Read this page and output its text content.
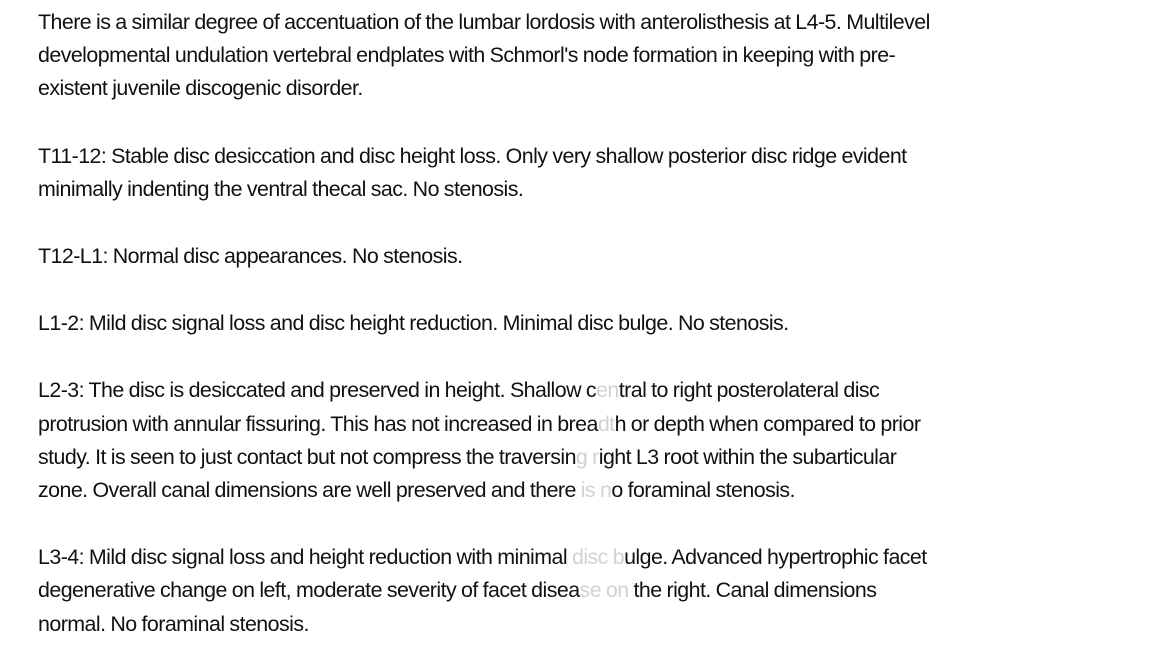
There is a similar degree of accentuation of the lumbar lordosis with anterolisthesis at L4-5. Multilevel
developmental undulation vertebral endplates with Schmorl's node formation in keeping with pre-
existent juvenile discogenic disorder.

T11-12: Stable disc desiccation and disc height loss. Only very shallow posterior disc ridge evident
minimally indenting the ventral thecal sac. No stenosis.

T12-L1: Normal disc appearances. No stenosis.

L1-2: Mild disc signal loss and disc height reduction. Minimal disc bulge. No stenosis.

L2-3: The disc is desiccated and preserved in height. Shallow central to right posterolateral disc
protrusion with annular fissuring. This has not increased in breadth or depth when compared to prior
study. It is seen to just contact but not compress the traversing right L3 root within the subarticular
zone. Overall canal dimensions are well preserved and there is no foraminal stenosis.

L3-4: Mild disc signal loss and height reduction with minimal disc bulge. Advanced hypertrophic facet
degenerative change on left, moderate severity of facet disease on the right. Canal dimensions
normal. No foraminal stenosis.
